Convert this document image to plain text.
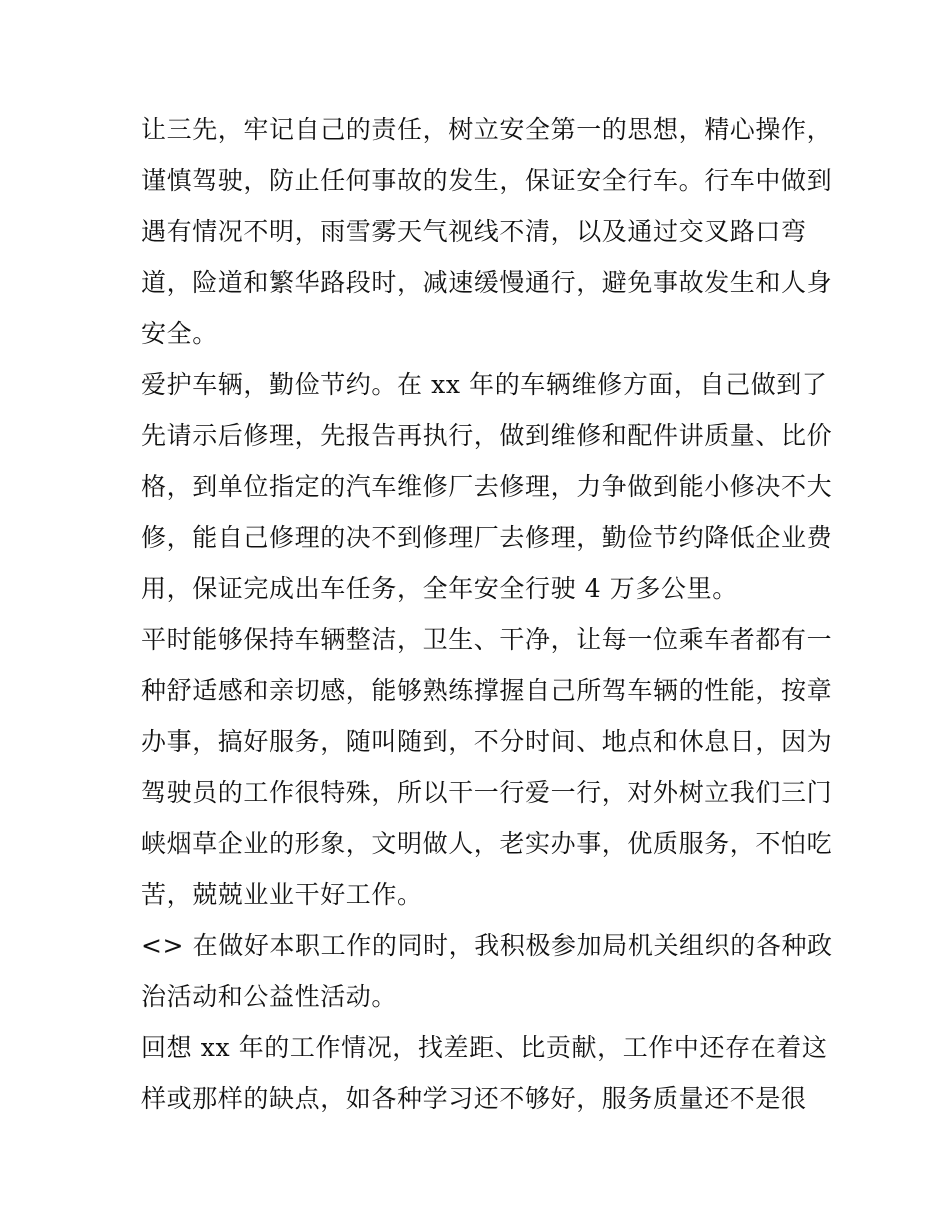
让三先，牢记自己的责任，树立安全第一的思想，精心操作，
谨慎驾驶，防止任何事故的发生，保证安全行车。行车中做到
遇有情况不明，雨雪雾天气视线不清，以及通过交叉路口弯
道，险道和繁华路段时，减速缓慢通行，避免事故发生和人身
安全。

爱护车辆，勤俭节约。在 xx 年的车辆维修方面，自己做到了
先请示后修理，先报告再执行，做到维修和配件讲质量、比价
格，到单位指定的汽车维修厂去修理，力争做到能小修决不大
修，能自己修理的决不到修理厂去修理，勤俭节约降低企业费
用，保证完成出车任务，全年安全行驶 4 万多公里。

平时能够保持车辆整洁，卫生、干净，让每一位乘车者都有一
种舒适感和亲切感，能够熟练撑握自己所驾车辆的性能，按章
办事，搞好服务，随叫随到，不分时间、地点和休息日，因为
驾驶员的工作很特殊，所以干一行爱一行，对外树立我们三门
峡烟草企业的形象，文明做人，老实办事，优质服务，不怕吃
苦，兢兢业业干好工作。

<> 在做好本职工作的同时，我积极参加局机关组织的各种政
治活动和公益性活动。

回想 xx 年的工作情况，找差距、比贡献，工作中还存在着这
样或那样的缺点，如各种学习还不够好，服务质量还不是很
